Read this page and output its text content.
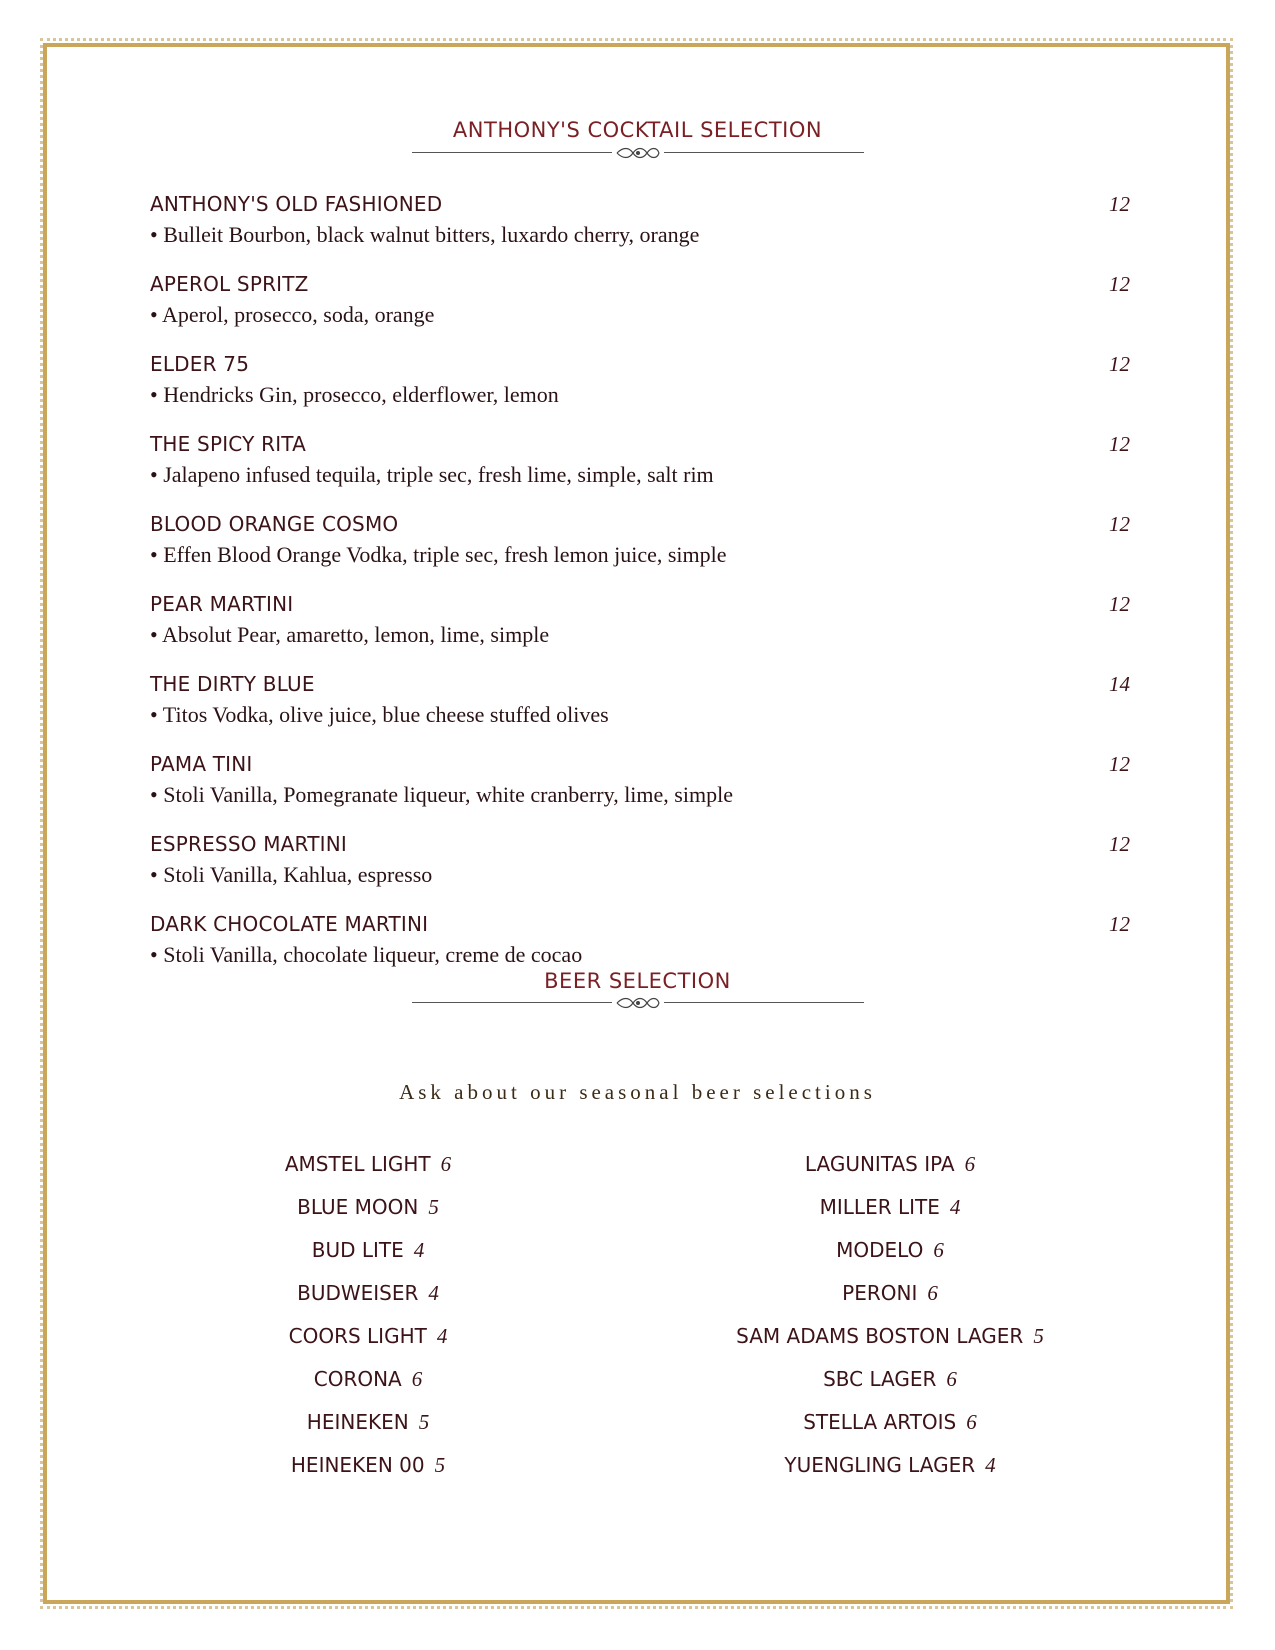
ANTHONY'S COCKTAIL SELECTION
ANTHONY'S OLD FASHIONED	12
• Bulleit Bourbon, black walnut bitters, luxardo cherry, orange
APEROL SPRITZ	12
• Aperol, prosecco, soda, orange
ELDER 75	12
• Hendricks Gin, prosecco, elderflower, lemon
THE SPICY RITA	12
• Jalapeno infused tequila, triple sec, fresh lime, simple, salt rim
BLOOD ORANGE COSMO	12
• Effen Blood Orange Vodka, triple sec, fresh lemon juice, simple
PEAR MARTINI	12
• Absolut Pear, amaretto, lemon, lime, simple
THE DIRTY BLUE	14
• Titos Vodka, olive juice, blue cheese stuffed olives
PAMA TINI	12
• Stoli Vanilla, Pomegranate liqueur, white cranberry, lime, simple
ESPRESSO MARTINI	12
• Stoli Vanilla, Kahlua, espresso
DARK CHOCOLATE MARTINI	12
• Stoli Vanilla, chocolate liqueur, creme de cocao
BEER SELECTION
Ask about our seasonal beer selections
AMSTEL LIGHT 6
BLUE MOON 5
BUD LITE 4
BUDWEISER 4
COORS LIGHT 4
CORONA 6
HEINEKEN 5
HEINEKEN 00 5
LAGUNITAS IPA 6
MILLER LITE 4
MODELO 6
PERONI 6
SAM ADAMS BOSTON LAGER 5
SBC LAGER 6
STELLA ARTOIS 6
YUENGLING LAGER 4
